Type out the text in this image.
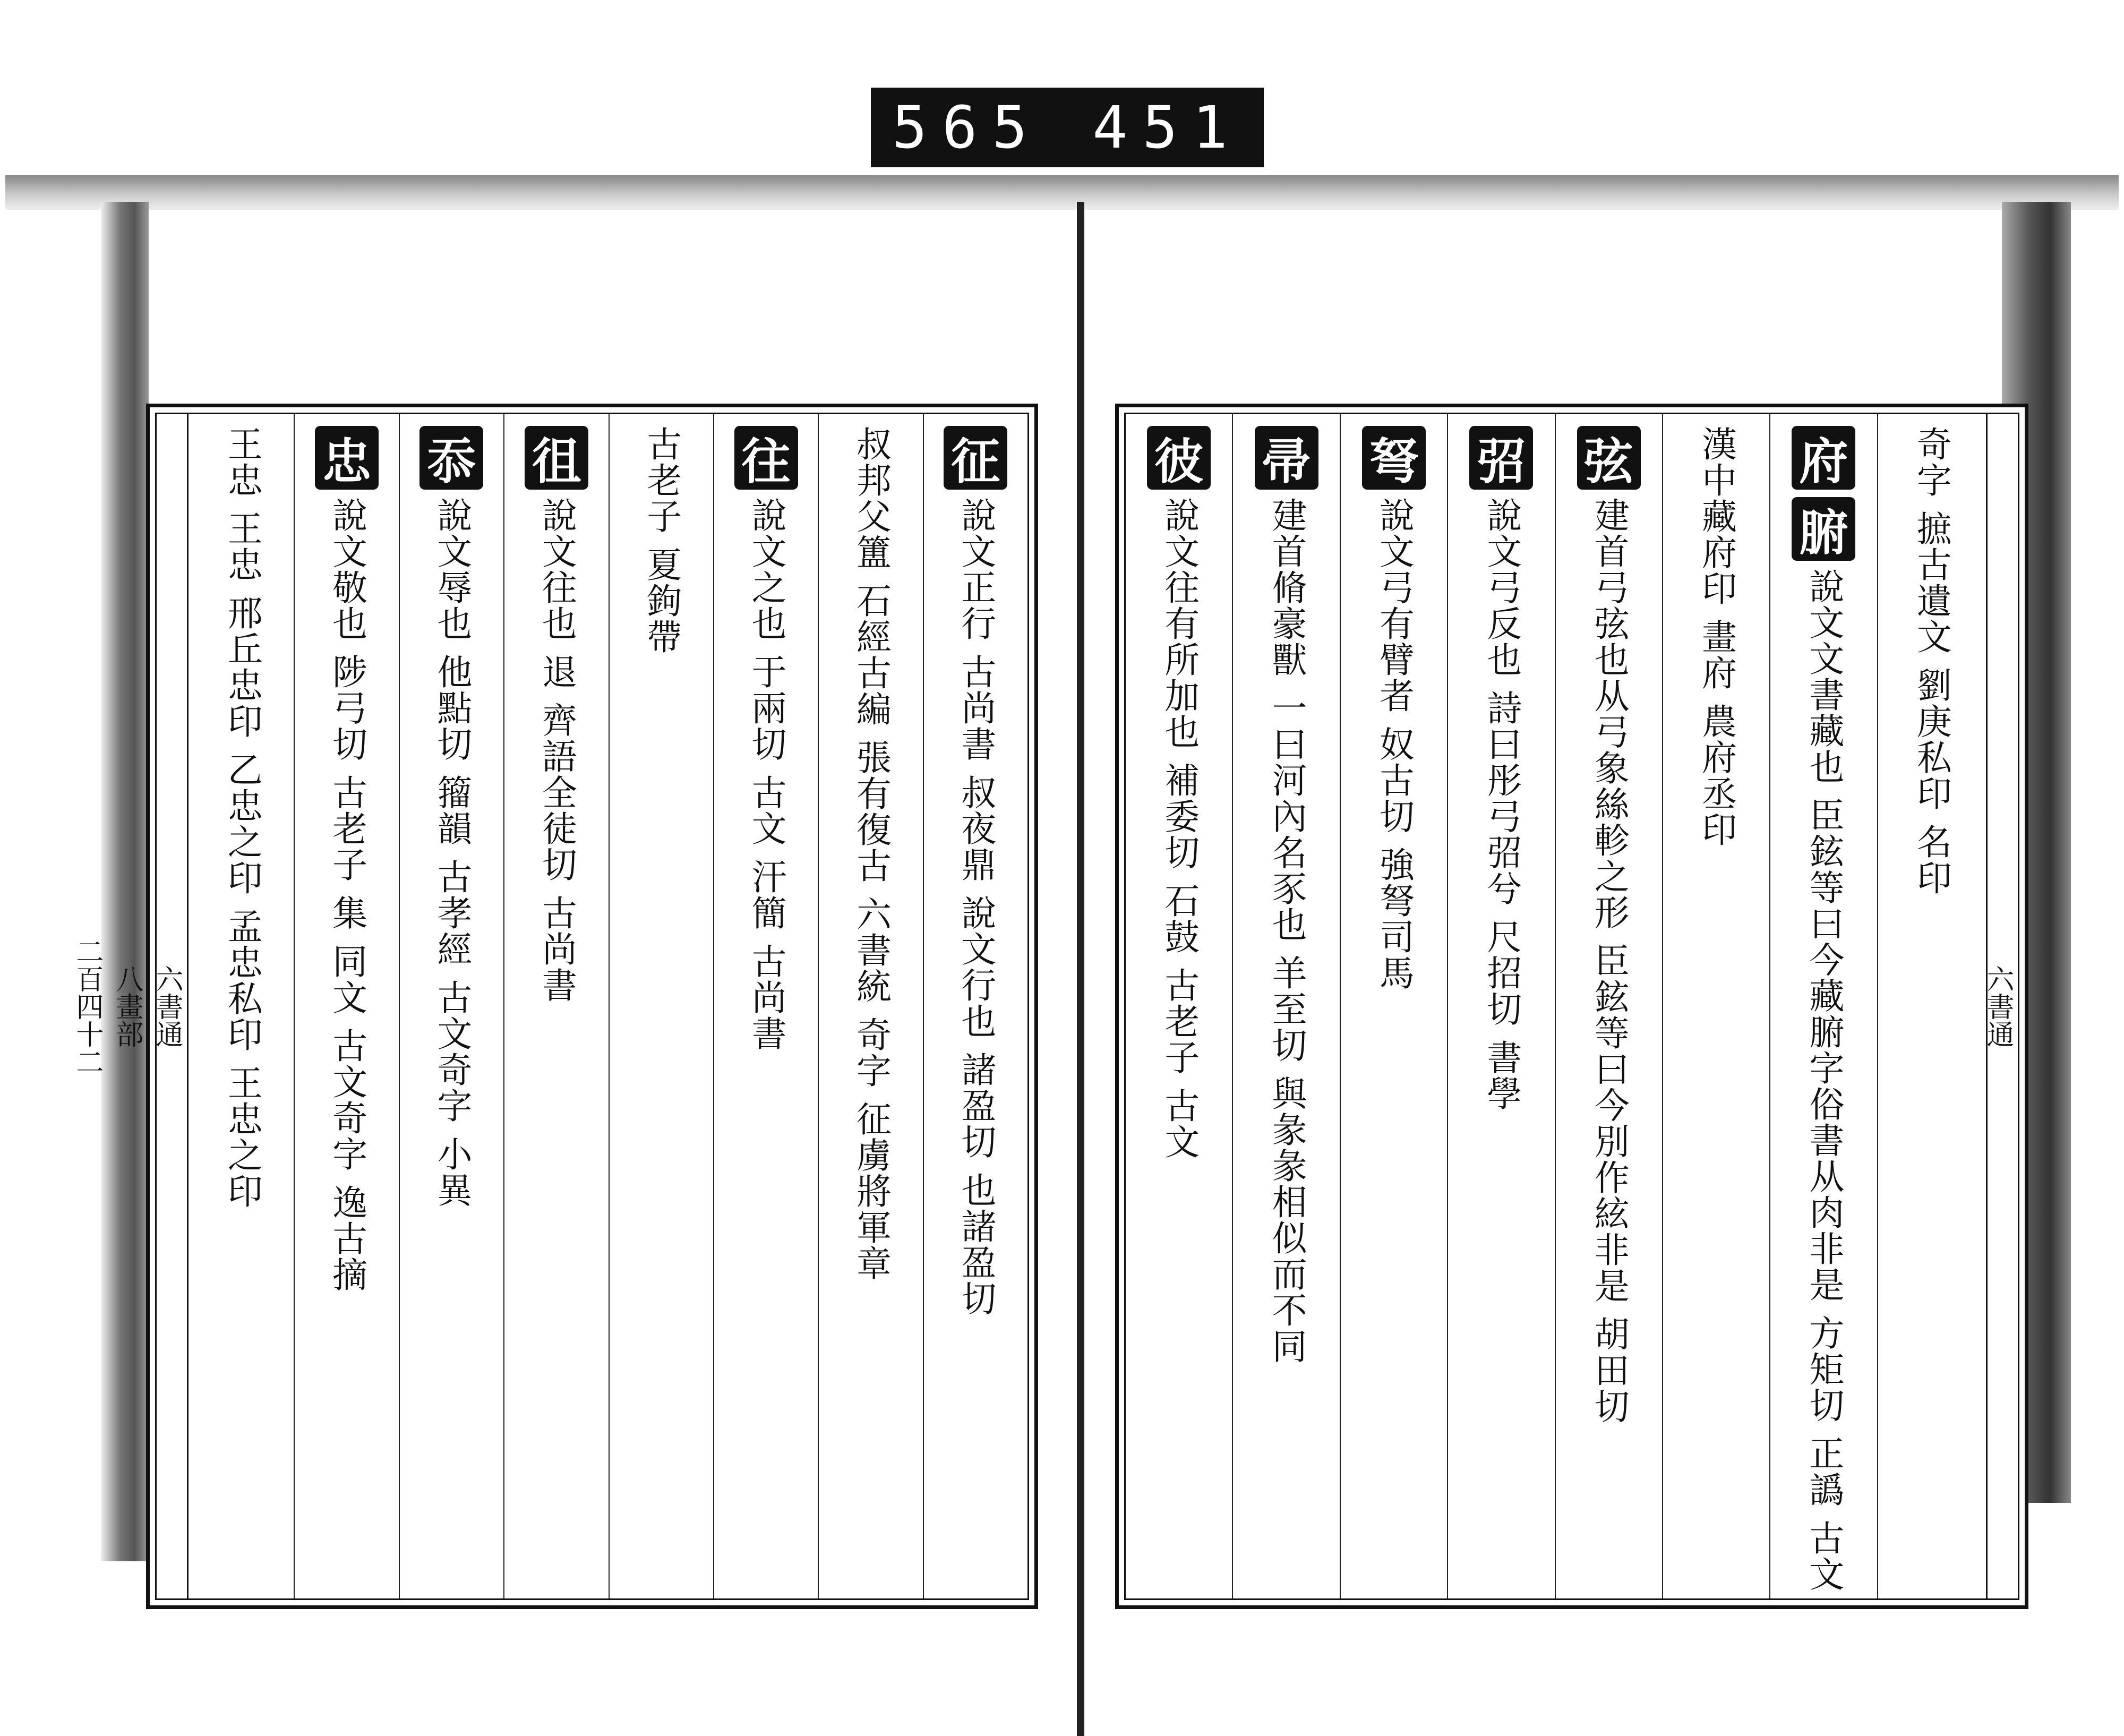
565 451
六書通
八畫部
二百四十二
征
說文正行 古尚書 叔夜鼎 說文行也 諸盈切 也諸盈切
叔邦父簠 石經古編 張有復古 六書統 奇字 征虜將軍章
往
說文之也 于兩切 古文 汗簡 古尚書
古老子 夏鉤帶
徂
說文往也 退 齊語全徒切 古尚書
忝
說文辱也 他點切 籀韻 古孝經 古文奇字 小異
忠
說文敬也 陟弓切 古老子 集 同文 古文奇字 逸古摘
王忠 王忠 邢丘忠印 乙忠之印 孟忠私印 王忠之印	六書通
奇字 摭古遺文 劉庚私印 名印
府
腑
說文文書藏也 臣鉉等曰今藏腑字俗書从肉非是 方矩切 正譌 古文
漢中藏府印 畫府 農府丞印
弦
建首弓弦也从弓象絲軫之形 臣鉉等曰今別作絃非是 胡田切
弨
說文弓反也 詩曰彤弓弨兮 尺招切 書學
弩
說文弓有臂者 奴古切 強弩司馬
帚
建首脩豪獸 一曰河內名豕也 羊至切 與彖彖相似而不同
彼
說文往有所加也 補委切 石鼓 古老子 古文
